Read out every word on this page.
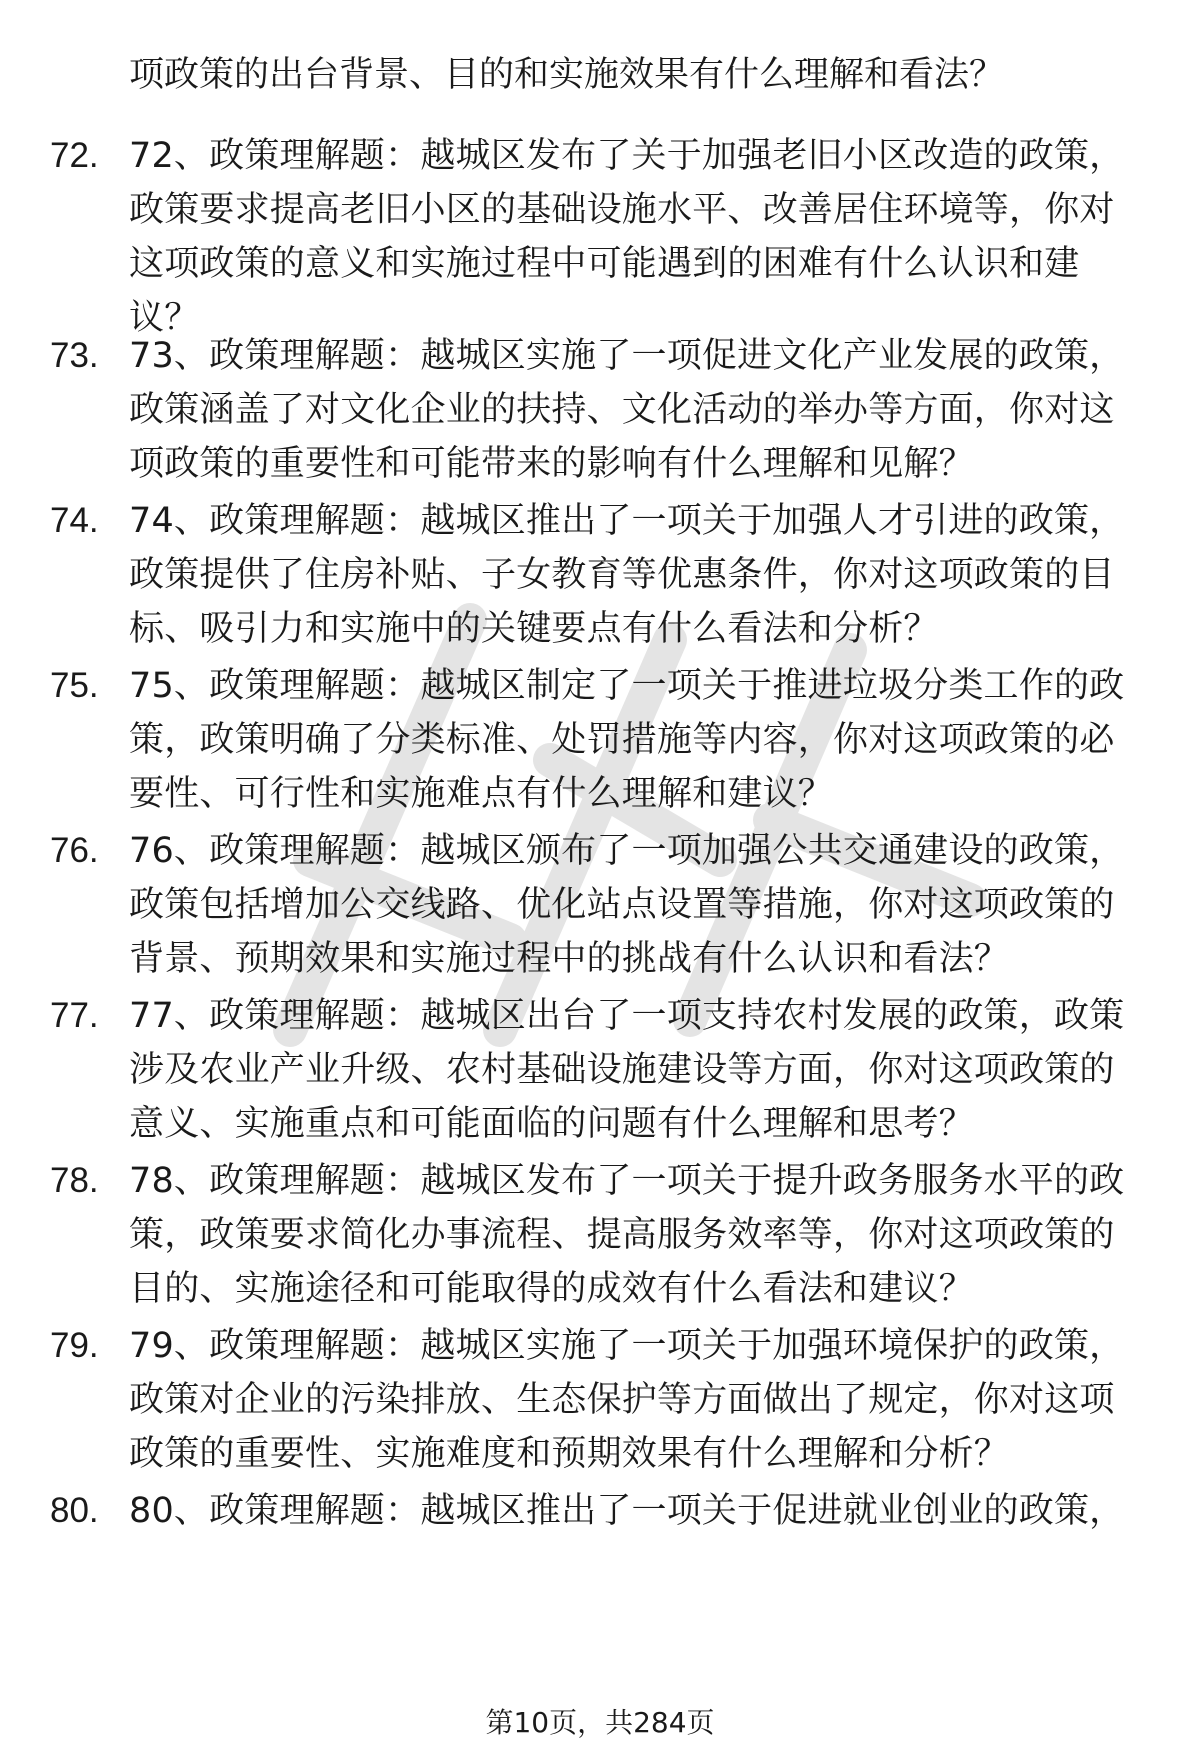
项政策的出台背景、目的和实施效果有什么理解和看法？
72. 72、政策理解题：越城区发布了关于加强老旧小区改造的政策，政策要求提高老旧小区的基础设施水平、改善居住环境等，你对这项政策的意义和实施过程中可能遇到的困难有什么认识和建议？
73. 73、政策理解题：越城区实施了一项促进文化产业发展的政策，政策涵盖了对文化企业的扶持、文化活动的举办等方面，你对这项政策的重要性和可能带来的影响有什么理解和见解？
74. 74、政策理解题：越城区推出了一项关于加强人才引进的政策，政策提供了住房补贴、子女教育等优惠条件，你对这项政策的目标、吸引力和实施中的关键要点有什么看法和分析？
75. 75、政策理解题：越城区制定了一项关于推进垃圾分类工作的政策，政策明确了分类标准、处罚措施等内容，你对这项政策的必要性、可行性和实施难点有什么理解和建议？
76. 76、政策理解题：越城区颁布了一项加强公共交通建设的政策，政策包括增加公交线路、优化站点设置等措施，你对这项政策的背景、预期效果和实施过程中的挑战有什么认识和看法？
77. 77、政策理解题：越城区出台了一项支持农村发展的政策，政策涉及农业产业升级、农村基础设施建设等方面，你对这项政策的意义、实施重点和可能面临的问题有什么理解和思考？
78. 78、政策理解题：越城区发布了一项关于提升政务服务水平的政策，政策要求简化办事流程、提高服务效率等，你对这项政策的目的、实施途径和可能取得的成效有什么看法和建议？
79. 79、政策理解题：越城区实施了一项关于加强环境保护的政策，政策对企业的污染排放、生态保护等方面做出了规定，你对这项政策的重要性、实施难度和预期效果有什么理解和分析？
80. 80、政策理解题：越城区推出了一项关于促进就业创业的政策，
第10页，共284页
